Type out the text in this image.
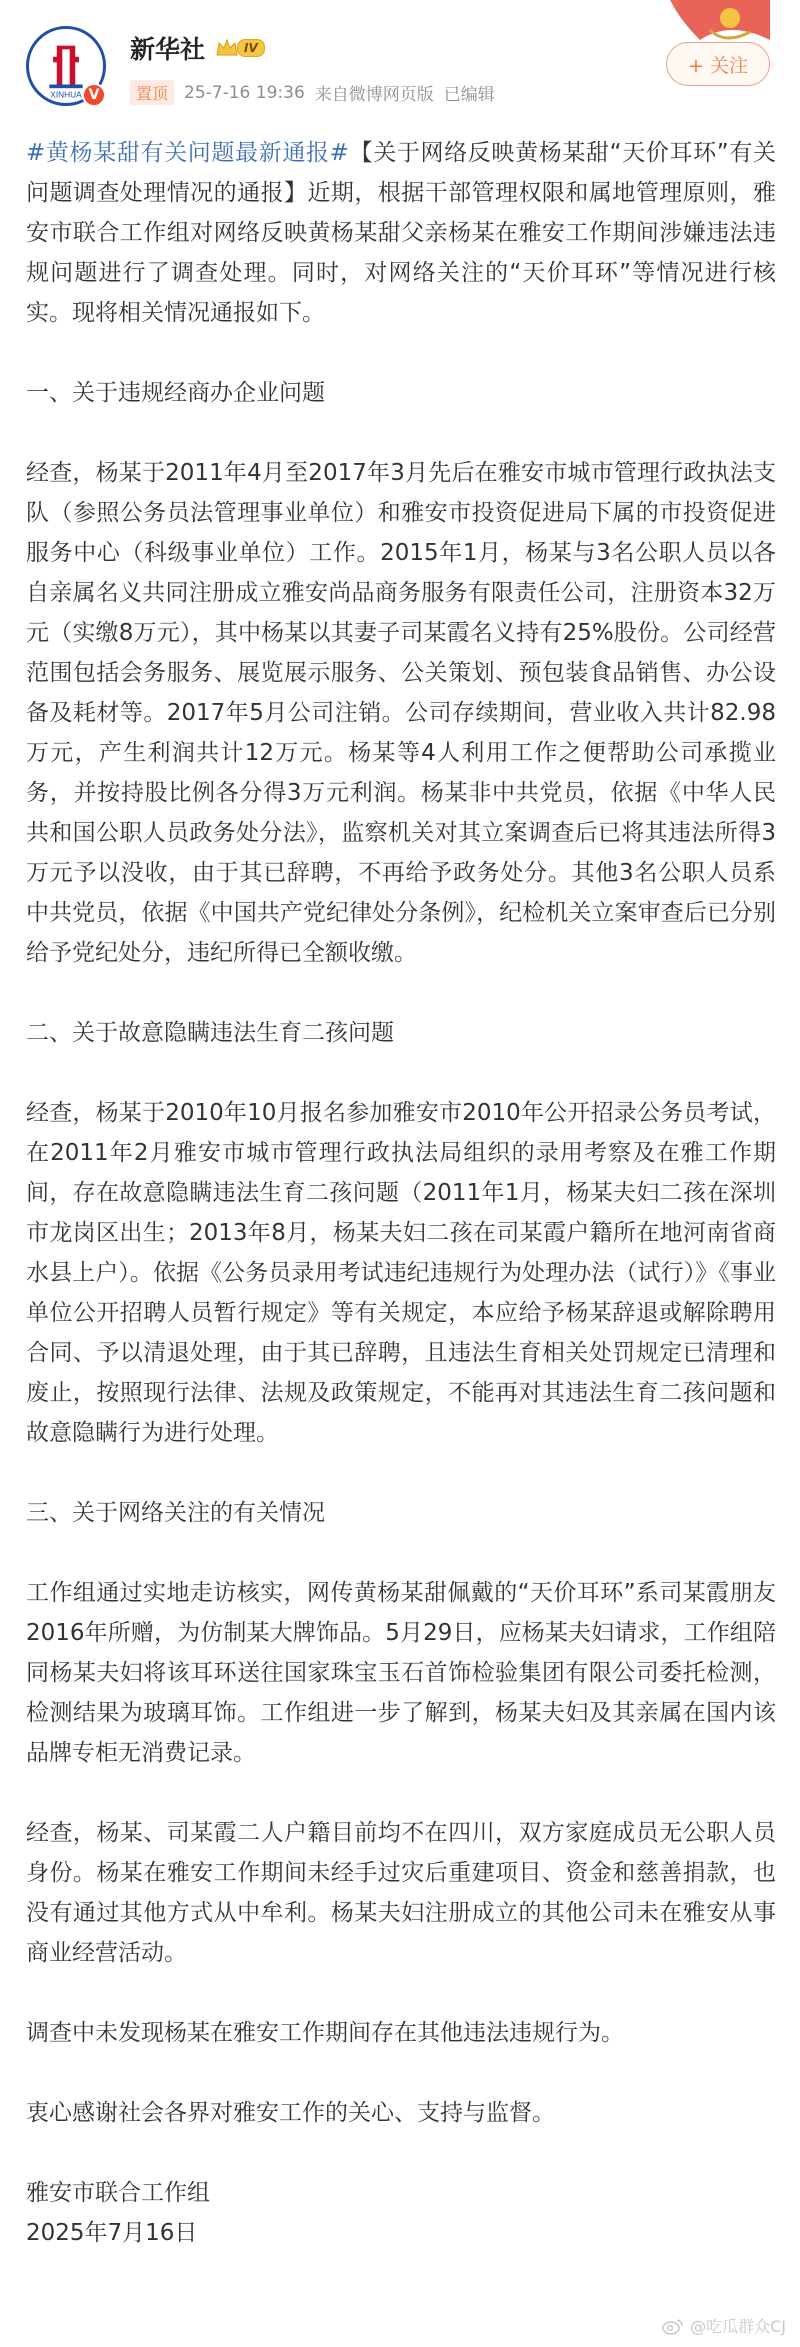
XINHUA V
新华社	IV
置顶 25-7-16 19:36 来自微博网页版 已编辑
+ 关注

#黄杨某甜有关问题最新通报#【关于网络反映黄杨某甜“天价耳环”有关问题调查处理情况的通报】近期，根据干部管理权限和属地管理原则，雅安市联合工作组对网络反映黄杨某甜父亲杨某在雅安工作期间涉嫌违法违规问题进行了调查处理。同时，对网络关注的“天价耳环”等情况进行核实。现将相关情况通报如下。

一、关于违规经商办企业问题

经查，杨某于2011年4月至2017年3月先后在雅安市城市管理行政执法支队（参照公务员法管理事业单位）和雅安市投资促进局下属的市投资促进服务中心（科级事业单位）工作。2015年1月，杨某与3名公职人员以各自亲属名义共同注册成立雅安尚品商务服务有限责任公司，注册资本32万元（实缴8万元），其中杨某以其妻子司某霞名义持有25%股份。公司经营范围包括会务服务、展览展示服务、公关策划、预包装食品销售、办公设备及耗材等。2017年5月公司注销。公司存续期间，营业收入共计82.98万元，产生利润共计12万元。杨某等4人利用工作之便帮助公司承揽业务，并按持股比例各分得3万元利润。杨某非中共党员，依据《中华人民共和国公职人员政务处分法》，监察机关对其立案调查后已将其违法所得3万元予以没收，由于其已辞聘，不再给予政务处分。其他3名公职人员系中共党员，依据《中国共产党纪律处分条例》，纪检机关立案审查后已分别给予党纪处分，违纪所得已全额收缴。

二、关于故意隐瞒违法生育二孩问题

经查，杨某于2010年10月报名参加雅安市2010年公开招录公务员考试，在2011年2月雅安市城市管理行政执法局组织的录用考察及在雅工作期间，存在故意隐瞒违法生育二孩问题（2011年1月，杨某夫妇二孩在深圳市龙岗区出生；2013年8月，杨某夫妇二孩在司某霞户籍所在地河南省商水县上户）。依据《公务员录用考试违纪违规行为处理办法（试行）》《事业单位公开招聘人员暂行规定》等有关规定，本应给予杨某辞退或解除聘用合同、予以清退处理，由于其已辞聘，且违法生育相关处罚规定已清理和废止，按照现行法律、法规及政策规定，不能再对其违法生育二孩问题和故意隐瞒行为进行处理。

三、关于网络关注的有关情况

工作组通过实地走访核实，网传黄杨某甜佩戴的“天价耳环”系司某霞朋友2016年所赠，为仿制某大牌饰品。5月29日，应杨某夫妇请求，工作组陪同杨某夫妇将该耳环送往国家珠宝玉石首饰检验集团有限公司委托检测，检测结果为玻璃耳饰。工作组进一步了解到，杨某夫妇及其亲属在国内该品牌专柜无消费记录。

经查，杨某、司某霞二人户籍目前均不在四川，双方家庭成员无公职人员身份。杨某在雅安工作期间未经手过灾后重建项目、资金和慈善捐款，也没有通过其他方式从中牟利。杨某夫妇注册成立的其他公司未在雅安从事商业经营活动。

调查中未发现杨某在雅安工作期间存在其他违法违规行为。

衷心感谢社会各界对雅安工作的关心、支持与监督。

雅安市联合工作组

2025年7月16日

@吃瓜群众CJ
